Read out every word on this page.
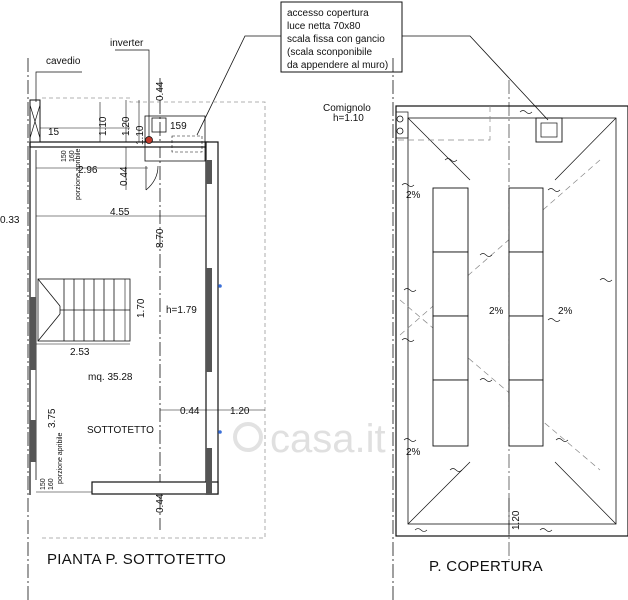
accesso copertura
luce netta 70x80
scala fissa con gancio
(scala sconponibile
da appendere al muro)
cavedio
inverter
159
15	1.10 1.20 1.10
0.44
150 160 porzione apribile
2.96 0.44
4.55
0.33
8.70
1.70 h=1.79
2.53
mq. 35.28
0.44	1.20
3.75
porzione apribile
SOTTOTETTO
150 160
0.44
PIANTA P. SOTTOTETTO
Comignolo
h=1.10
2%
2%	2%
2%
1.20
P. COPERTURA
casa.it
